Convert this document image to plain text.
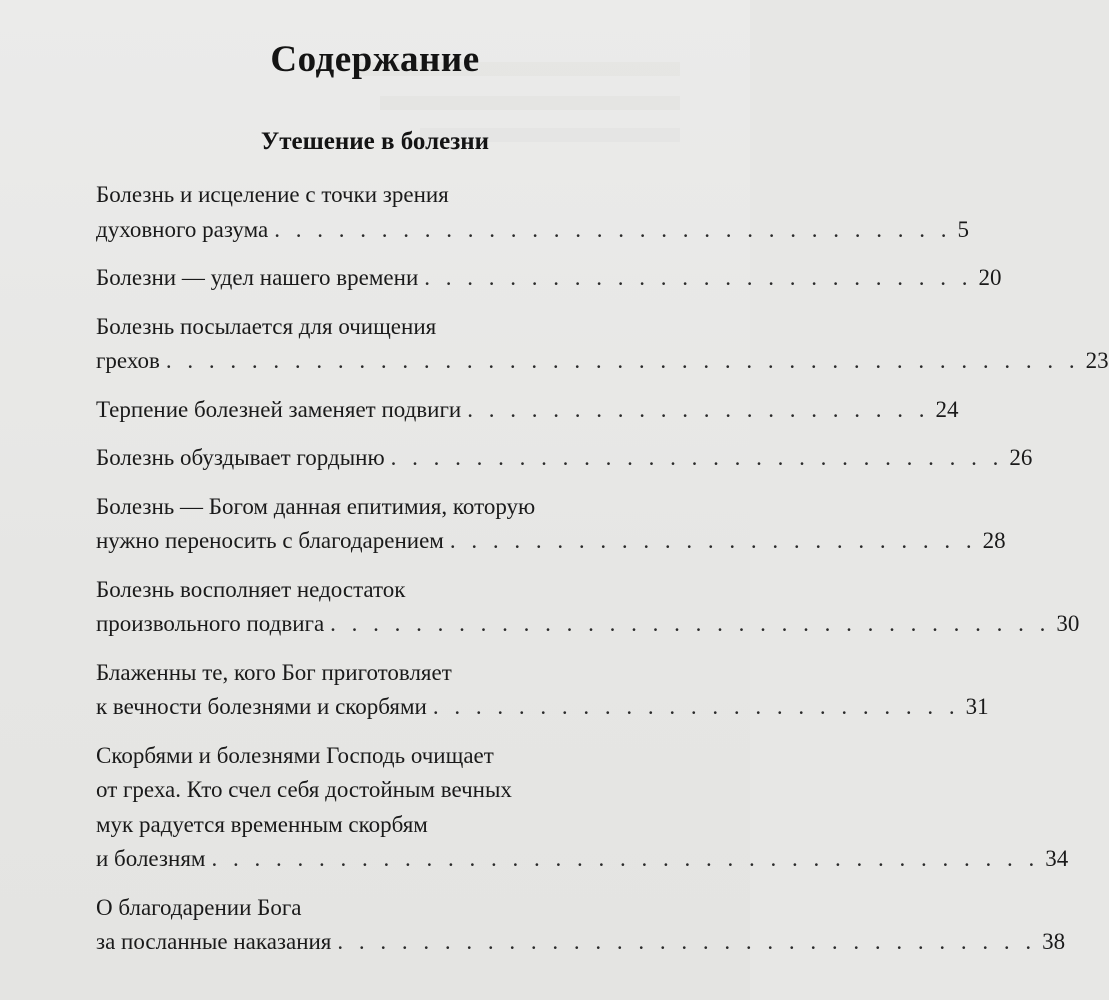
Содержание
Утешение в болезни
Болезнь и исцеление с точки зрения
духовного разума . . . . . . . . . . . . . . . . . . . . . . . . . . . . . . . . 5
Болезни — удел нашего времени . . . . . . . . . . . . . . . . . . . . . . . . . . 20
Болезнь посылается для очищения
грехов . . . . . . . . . . . . . . . . . . . . . . . . . . . . . . . . . . . . . . . . . . . 23
Терпение болезней заменяет подвиги . . . . . . . . . . . . . . . . . . . . . . 24
Болезнь обуздывает гордыню . . . . . . . . . . . . . . . . . . . . . . . . . . . . . 26
Болезнь — Богом данная епитимия, которую
нужно переносить с благодарением . . . . . . . . . . . . . . . . . . . . . . . . . 28
Болезнь восполняет недостаток
произвольного подвига . . . . . . . . . . . . . . . . . . . . . . . . . . . . . . . . . . 30
Блаженны те, кого Бог приготовляет
к вечности болезнями и скорбями . . . . . . . . . . . . . . . . . . . . . . . . . 31
Скорбями и болезнями Господь очищает
от греха. Кто счел себя достойным вечных
мук радуется временным скорбям
и болезням . . . . . . . . . . . . . . . . . . . . . . . . . . . . . . . . . . . . . . . 34
О благодарении Бога
за посланные наказания . . . . . . . . . . . . . . . . . . . . . . . . . . . . . . . . . 38
